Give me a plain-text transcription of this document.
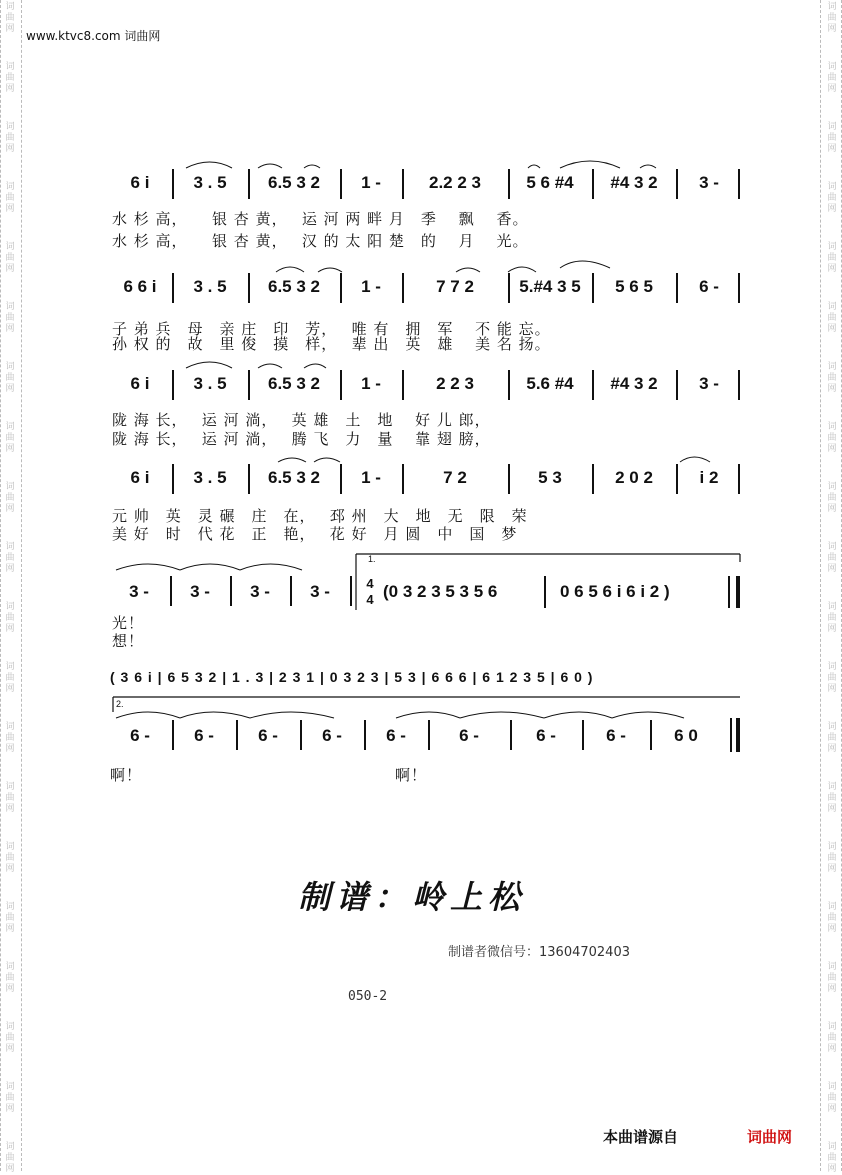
www.ktvc8.com 词曲网
6 i	3 . 5 6.5 3 2 1 -	2.2 2 3	5 6 #4 #4 3 2 3 -
6 6 i 3 . 5 6.5 3 2 1 -	7 7 2	5.#4 3 5 5 6 5	6 -
6 i	3 . 5 6.5 3 2 1 -	2 2 3	5.6 #4 #4 3 2 3 -
6 i	3 . 5 6.5 3 2 1 -	7 2	5 3	2 0 2	i 2
3 - 3 - 3 - 3 -
6 -	6 -	6 -	6 -	6 -	6 -	6 -	6 -	6 0
水 杉 高，　　银 杏 黄，　 运 河 两 畔 月　季　 飘　 香。
水 杉 高，　　银 杏 黄，　 汉 的 太 阳 楚　的　 月　 光。
子 弟 兵　母　亲 庄　印　芳，　 唯 有　拥　军　 不 能 忘。
孙 权 的　故　里 俊　摸　样，　 辈 出　英　雄　 美 名 扬。
陇 海 长，　 运 河 淌，　 英 雄　土　地　 好 儿 郎，
陇 海 长，　 运 河 淌，　 腾 飞　力　量　 靠 翅 膀，
元 帅　英　灵 碾　庄　在，　 邳 州　大　地　无　限　荣
美 好　时　代 花　正　艳，　 花 好　月 圆　中　国　梦
光！
想！
啊！	啊！
1.
4
4 (0 3 2 3 5 3 5 6	0 6 5 6 i 6 i 2 )
( 3 6 i | 6 5 3 2 | 1 . 3 | 2 3 1 | 0 3 2 3 | 5 3 | 6 6 6 | 6 1 2 3 5 | 6 0 )
2.
制谱：岭上松
制谱者微信号：13604702403
050-2
本曲谱源自	词曲网
词
曲
网
词
曲
网
词
曲
网
词
曲
网
词
曲
网
词
曲
网
词
曲
网
词
曲
网
词
曲
网
词
曲
网
词
曲
网
词
曲
网
词
曲
网
词
曲
网
词
曲
网
词
曲
网
词
曲
网
词
曲
网
词
曲
网
词
曲
网
词
曲
网
词
曲
网
词
曲
网
词
曲
网
词
曲
网
词
曲
网
词
曲
网
词
曲
网
词
曲
网
词
曲
网
词
曲
网
词
曲
网
词
曲
网
词
曲
网
词
曲
网
词
曲
网
词
曲
网
词
曲
网
词
曲
网
词
曲
网
